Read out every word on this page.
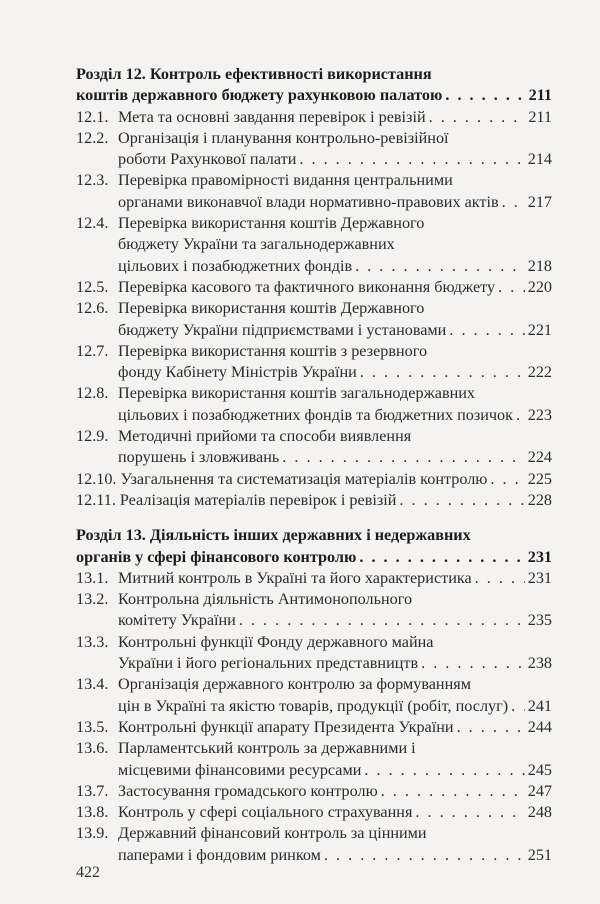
Розділ 12. Контроль ефективності використання
коштів державного бюджету рахунковою палатою . . .	211
12.1. Мета та основні завдання перевірок і ревізій . . .	211
12.2. Організація і планування контрольно-ревізійної
роботи Рахункової палати . . .	214
12.3. Перевірка правомірності видання центральними
органами виконавчої влади нормативно-правових актів . . . 217
12.4. Перевірка використання коштів Державного
бюджету України та загальнодержавних
цільових і позабюджетних фондів . . .	218
12.5. Перевірка касового та фактичного виконання бюджету . . . 220
12.6. Перевірка використання коштів Державного
бюджету України підприємствами і установами . . .	221
12.7. Перевірка використання коштів з резервного
фонду Кабінету Міністрів України . . .	222
12.8. Перевірка використання коштів загальнодержавних
цільових і позабюджетних фондів та бюджетних позичок . . . 223
12.9. Методичні прийоми та способи виявлення
порушень і зловживань . . .	224
12.10. Узагальнення та систематизація матеріалів контролю . . . 225
12.11. Реалізація матеріалів перевірок і ревізій . . .	228
Розділ 13. Діяльність інших державних і недержавних
органів у сфері фінансового контролю . . .	231
13.1. Митний контроль в Україні та його характеристика . . .	231
13.2. Контрольна діяльність Антимонопольного
комітету України . . .	235
13.3. Контрольні функції Фонду державного майна
України і його регіональних представництв . . .	238
13.4. Організація державного контролю за формуванням
цін в Україні та якістю товарів, продукції (робіт, послуг) . . . 241
13.5. Контрольні функції апарату Президента України . . .	244
13.6. Парламентський контроль за державними і
місцевими фінансовими ресурсами . . .	245
13.7. Застосування громадського контролю . . .	247
13.8. Контроль у сфері соціального страхування . . .	248
13.9. Державний фінансовий контроль за цінними
паперами і фондовим ринком . . .	251
422
